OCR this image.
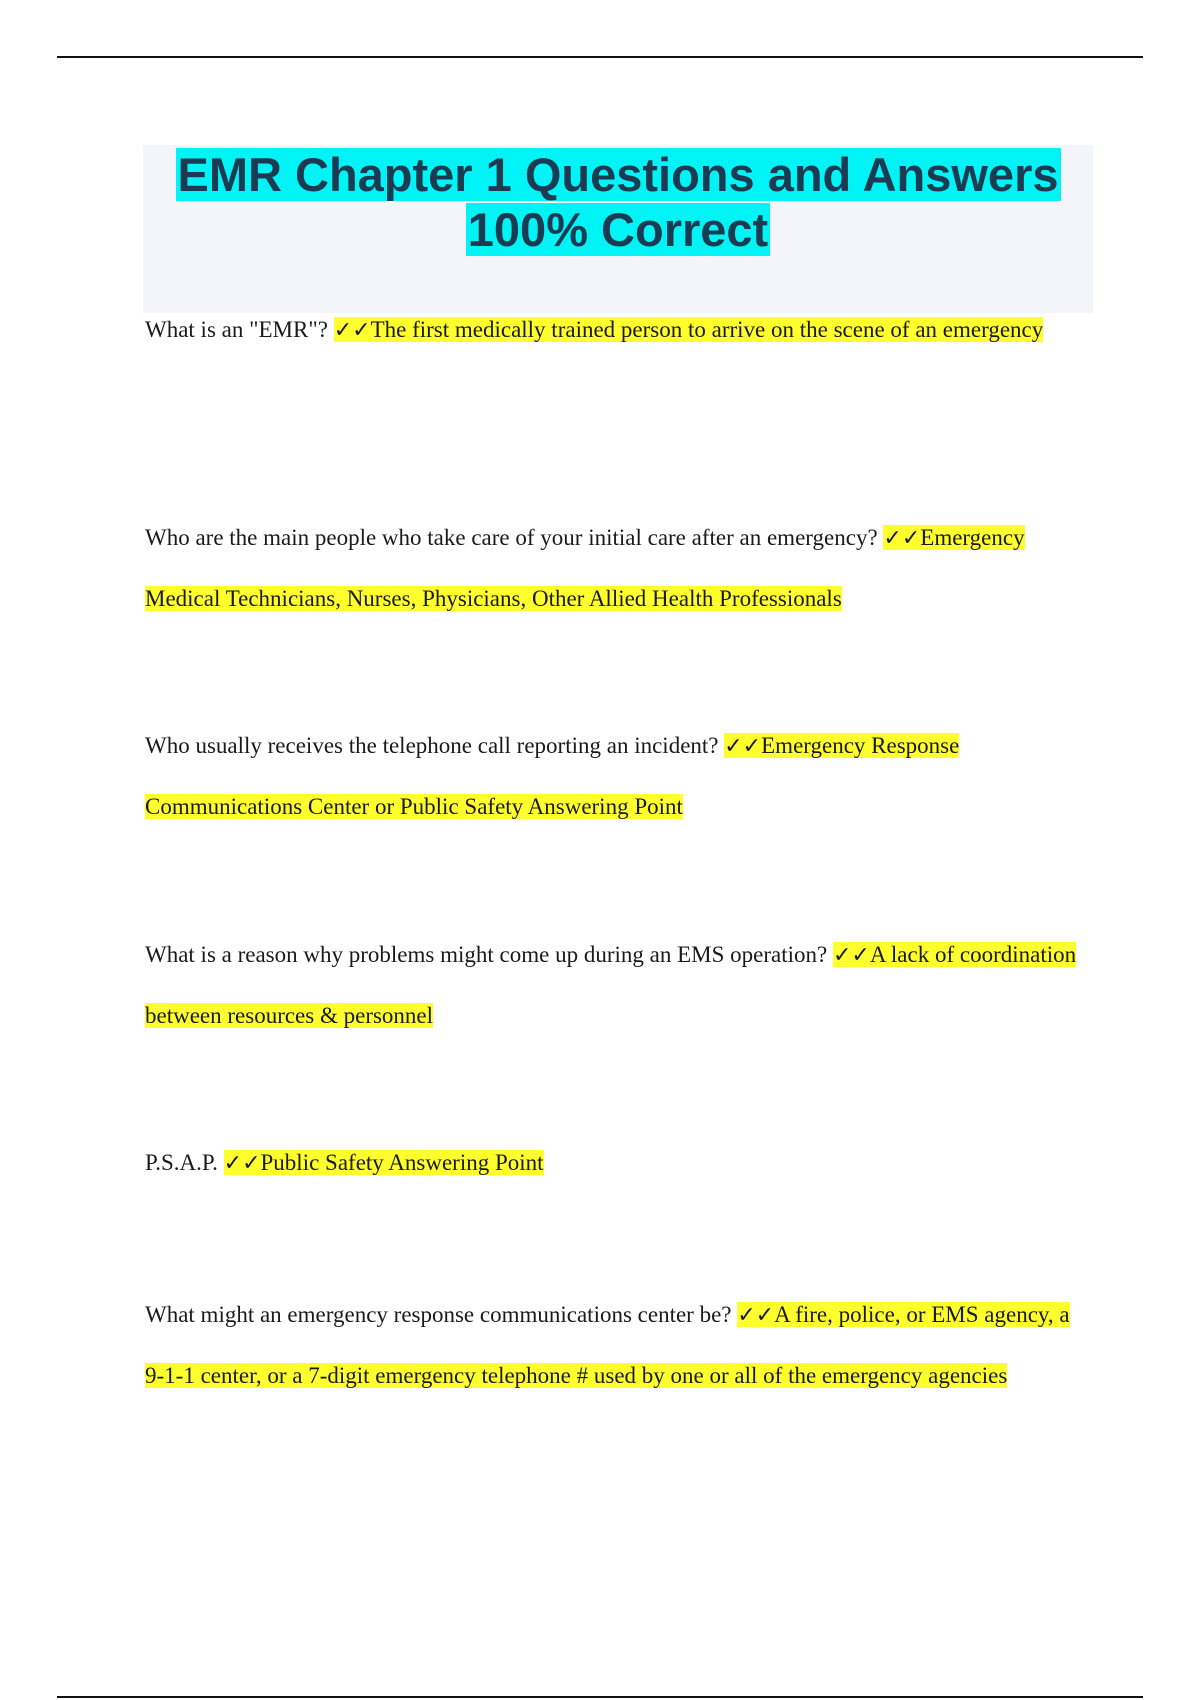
EMR Chapter 1 Questions and Answers
100% Correct

What is an "EMR"? ✓✓The first medically trained person to arrive on the scene of an emergency

Who are the main people who take care of your initial care after an emergency? ✓✓Emergency Medical Technicians, Nurses, Physicians, Other Allied Health Professionals

Who usually receives the telephone call reporting an incident? ✓✓Emergency Response Communications Center or Public Safety Answering Point

What is a reason why problems might come up during an EMS operation? ✓✓A lack of coordination between resources & personnel

P.S.A.P. ✓✓Public Safety Answering Point

What might an emergency response communications center be? ✓✓A fire, police, or EMS agency, a 9-1-1 center, or a 7-digit emergency telephone # used by one or all of the emergency agencies
